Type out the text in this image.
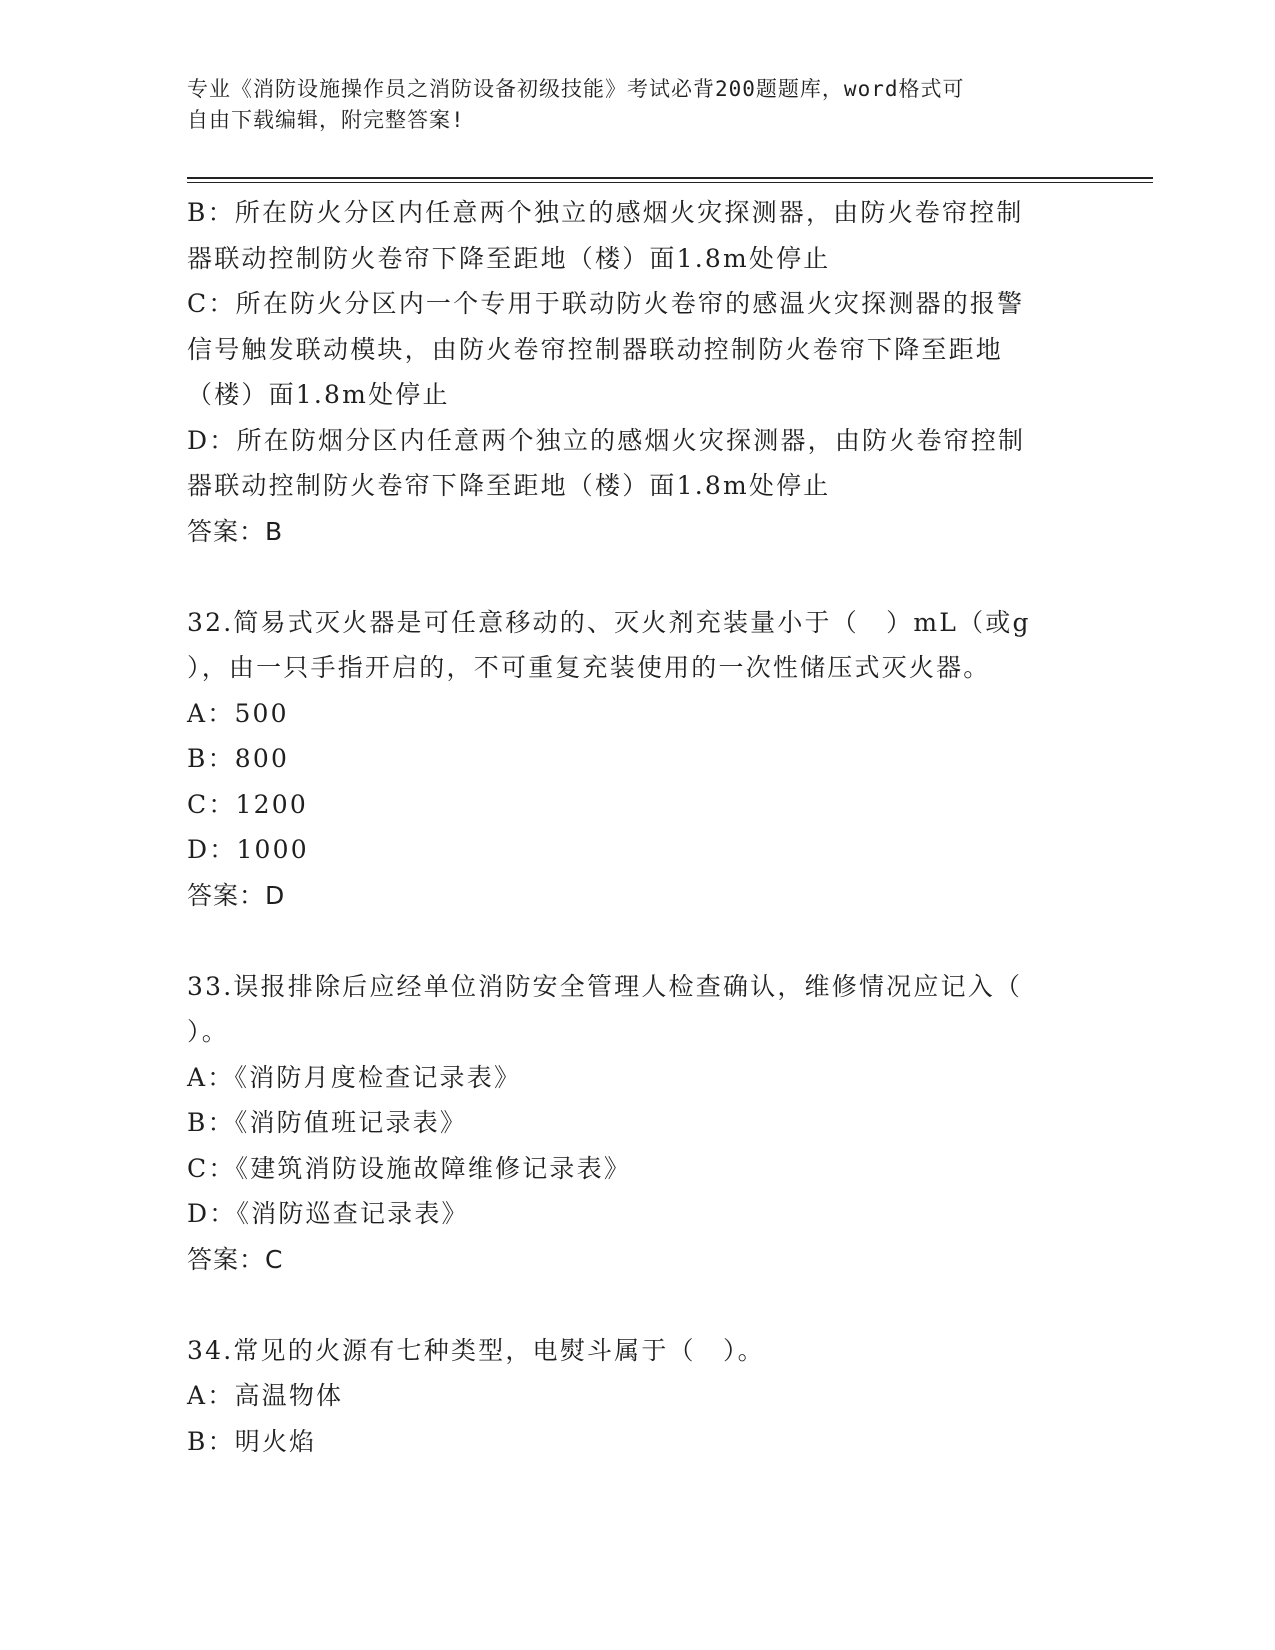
专业《消防设施操作员之消防设备初级技能》考试必背200题题库，word格式可
自由下载编辑，附完整答案!
B：所在防火分区内任意两个独立的感烟火灾探测器，由防火卷帘控制
器联动控制防火卷帘下降至距地（楼）面1.8m处停止
C：所在防火分区内一个专用于联动防火卷帘的感温火灾探测器的报警
信号触发联动模块，由防火卷帘控制器联动控制防火卷帘下降至距地
（楼）面1.8m处停止
D：所在防烟分区内任意两个独立的感烟火灾探测器，由防火卷帘控制
器联动控制防火卷帘下降至距地（楼）面1.8m处停止
答案：B
32.简易式灭火器是可任意移动的、灭火剂充装量小于（　）mL（或g
），由一只手指开启的，不可重复充装使用的一次性储压式灭火器。
A：500
B：800
C：1200
D：1000
答案：D
33.误报排除后应经单位消防安全管理人检查确认，维修情况应记入（
）。
A：《消防月度检查记录表》
B：《消防值班记录表》
C：《建筑消防设施故障维修记录表》
D：《消防巡查记录表》
答案：C
34.常见的火源有七种类型，电熨斗属于（　）。
A：高温物体
B：明火焰
